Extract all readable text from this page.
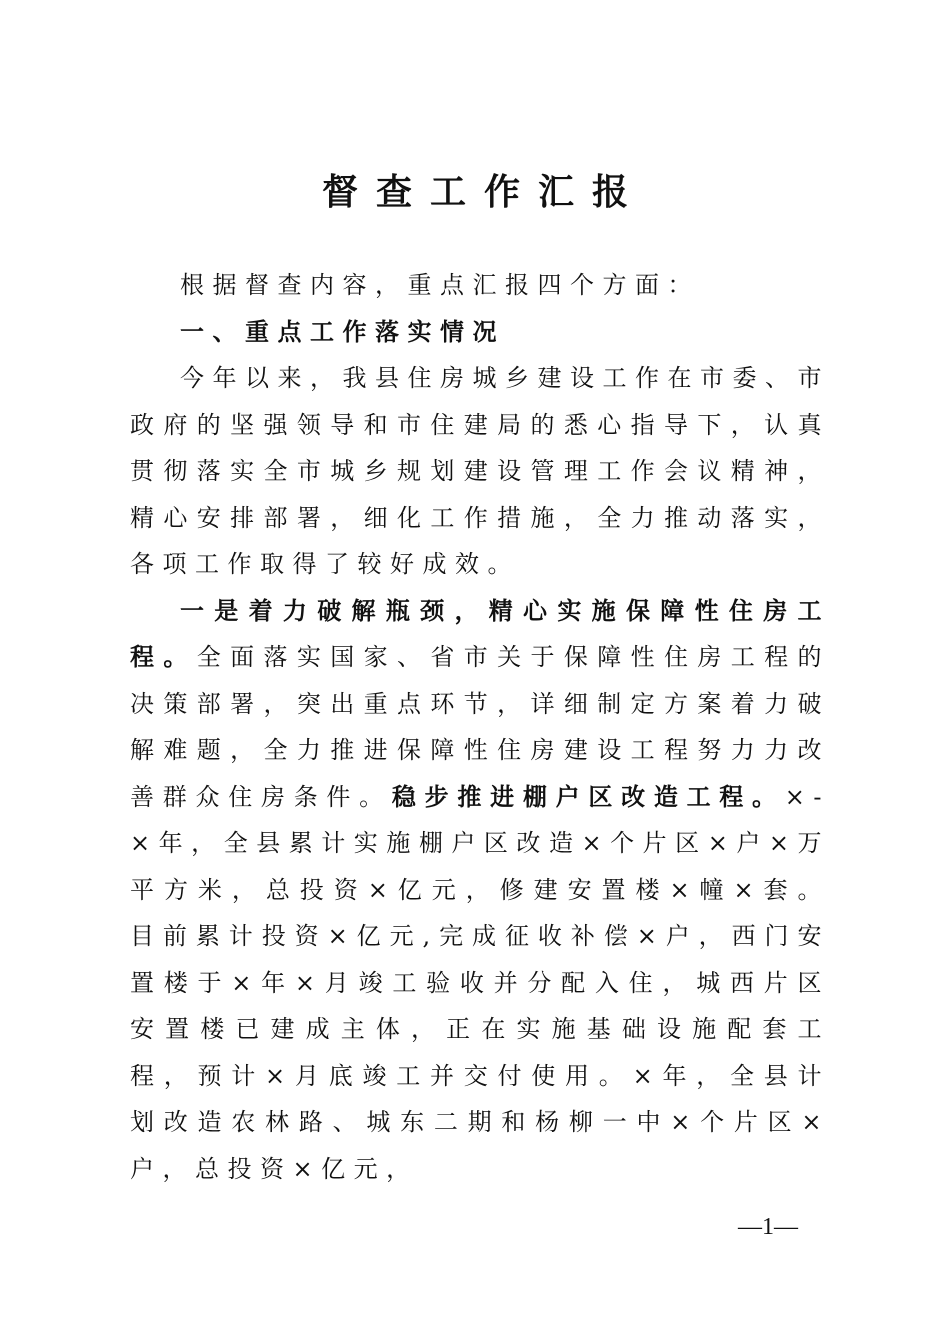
督查工作汇报

根据督查内容，重点汇报四个方面：

一、重点工作落实情况

今年以来，我县住房城乡建设工作在市委、市政府的坚强领导和市住建局的悉心指导下，认真贯彻落实全市城乡规划建设管理工作会议精神，精心安排部署，细化工作措施，全力推动落实，各项工作取得了较好成效。

一是着力破解瓶颈，精心实施保障性住房工程。全面落实国家、省市关于保障性住房工程的决策部署，突出重点环节，详细制定方案着力破解难题，全力推进保障性住房建设工程努力力改善群众住房条件。稳步推进棚户区改造工程。×-×年，全县累计实施棚户区改造×个片区×户×万平方米，总投资×亿元，修建安置楼×幢×套。目前累计投资×亿元,完成征收补偿×户，西门安置楼于×年×月竣工验收并分配入住，城西片区安置楼已建成主体，正在实施基础设施配套工程，预计×月底竣工并交付使用。×年，全县计划改造农林路、城东二期和杨柳一中×个片区×户，总投资×亿元，

—1—
